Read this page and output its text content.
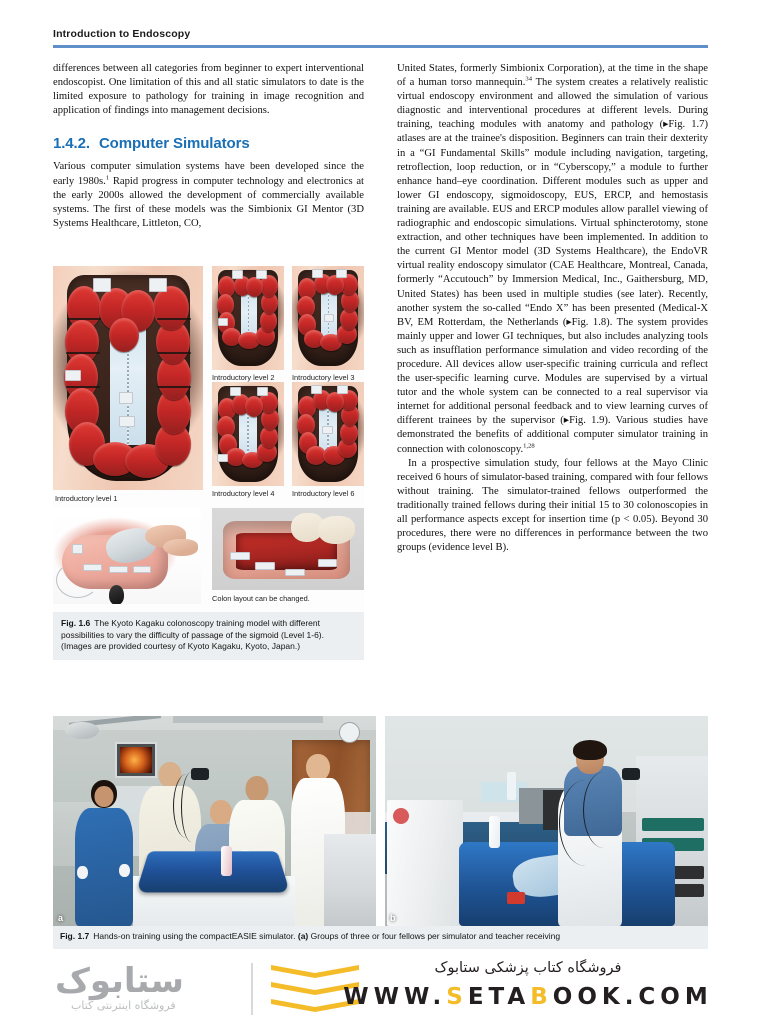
Introduction to Endoscopy

differences between all categories from beginner to expert interventional endoscopist. One limitation of this and all static simulators to date is the limited exposure to pathology for training in image recognition and application of findings into management decisions.

1.4.2. Computer Simulators

Various computer simulation systems have been developed since the early 1980s.$^1$ Rapid progress in computer technology and electronics at the early 2000s allowed the development of commercially available systems. The first of these models was the Simbionix GI Mentor (3D Systems Healthcare, Littleton, CO,

Introductory level 1
Introductory level 2 Introductory level 3
Introductory level 4 Introductory level 6
Colon layout can be changed.
Fig. 1.6 The Kyoto Kagaku colonoscopy training model with different possibilities to vary the difficulty of passage of the sigmoid (Level 1-6). (Images are provided courtesy of Kyoto Kagaku, Kyoto, Japan.)

United States, formerly Simbionix Corporation), at the time in the shape of a human torso mannequin.$^{34}$ The system creates a relatively realistic virtual endoscopy environment and allowed the simulation of various diagnostic and interventional procedures at different levels. During training, teaching modules with anatomy and pathology (▸Fig. 1.7) atlases are at the trainee's disposition. Beginners can train their dexterity in a “GI Fundamental Skills” module including navigation, targeting, retroflection, loop reduction, or in “Cyberscopy,” a module to further enhance hand–eye coordination. Different modules such as upper and lower GI endoscopy, sigmoidoscopy, EUS, ERCP, and hemostasis training are available. EUS and ERCP modules allow parallel viewing of radiographic and endoscopic simulations. Virtual sphincterotomy, stone extraction, and other techniques have been implemented. In addition to the current GI Mentor model (3D Systems Healthcare), the EndoVR virtual reality endoscopy simulator (CAE Healthcare, Montreal, Canada, formerly “Accutouch” by Immersion Medical, Inc., Gaithersburg, MD, United States) has been used in multiple studies (see later). Recently, another system the so-called “Endo X” has been presented (Medical-X BV, EM Rotterdam, the Netherlands (▸Fig. 1.8). The system provides mainly upper and lower GI techniques, but also includes analyzing tools such as insufflation performance simulation and video recording of the procedure. All devices allow user-specific training curricula and reflect the user-specific learning curve. Modules are supervised by a virtual tutor and the whole system can be connected to a real supervisor via internet for additional personal feedback and to view learning curves of different trainees by the supervisor (▸Fig. 1.9). Various studies have demonstrated the benefits of additional computer simulator training in connection with colonoscopy.$^{1,28}$

In a prospective simulation study, four fellows at the Mayo Clinic received 6 hours of simulator-based training, compared with four fellows without training. The simulator-trained fellows outperformed the traditionally trained fellows during their initial 15 to 30 colonoscopies in all performance aspects except for insertion time (p < 0.05). Beyond 30 procedures, there were no differences in performance between the two groups (evidence level B).

a	b
Fig. 1.7 Hands-on training using the compactEASIE simulator. (a) Groups of three or four fellows per simulator and teacher receiving
ستابوک
فروشگاه اینترنتی کتاب
فروشگاه کتاب پزشکی ستابوک
WWW.SETABOOK.COM
